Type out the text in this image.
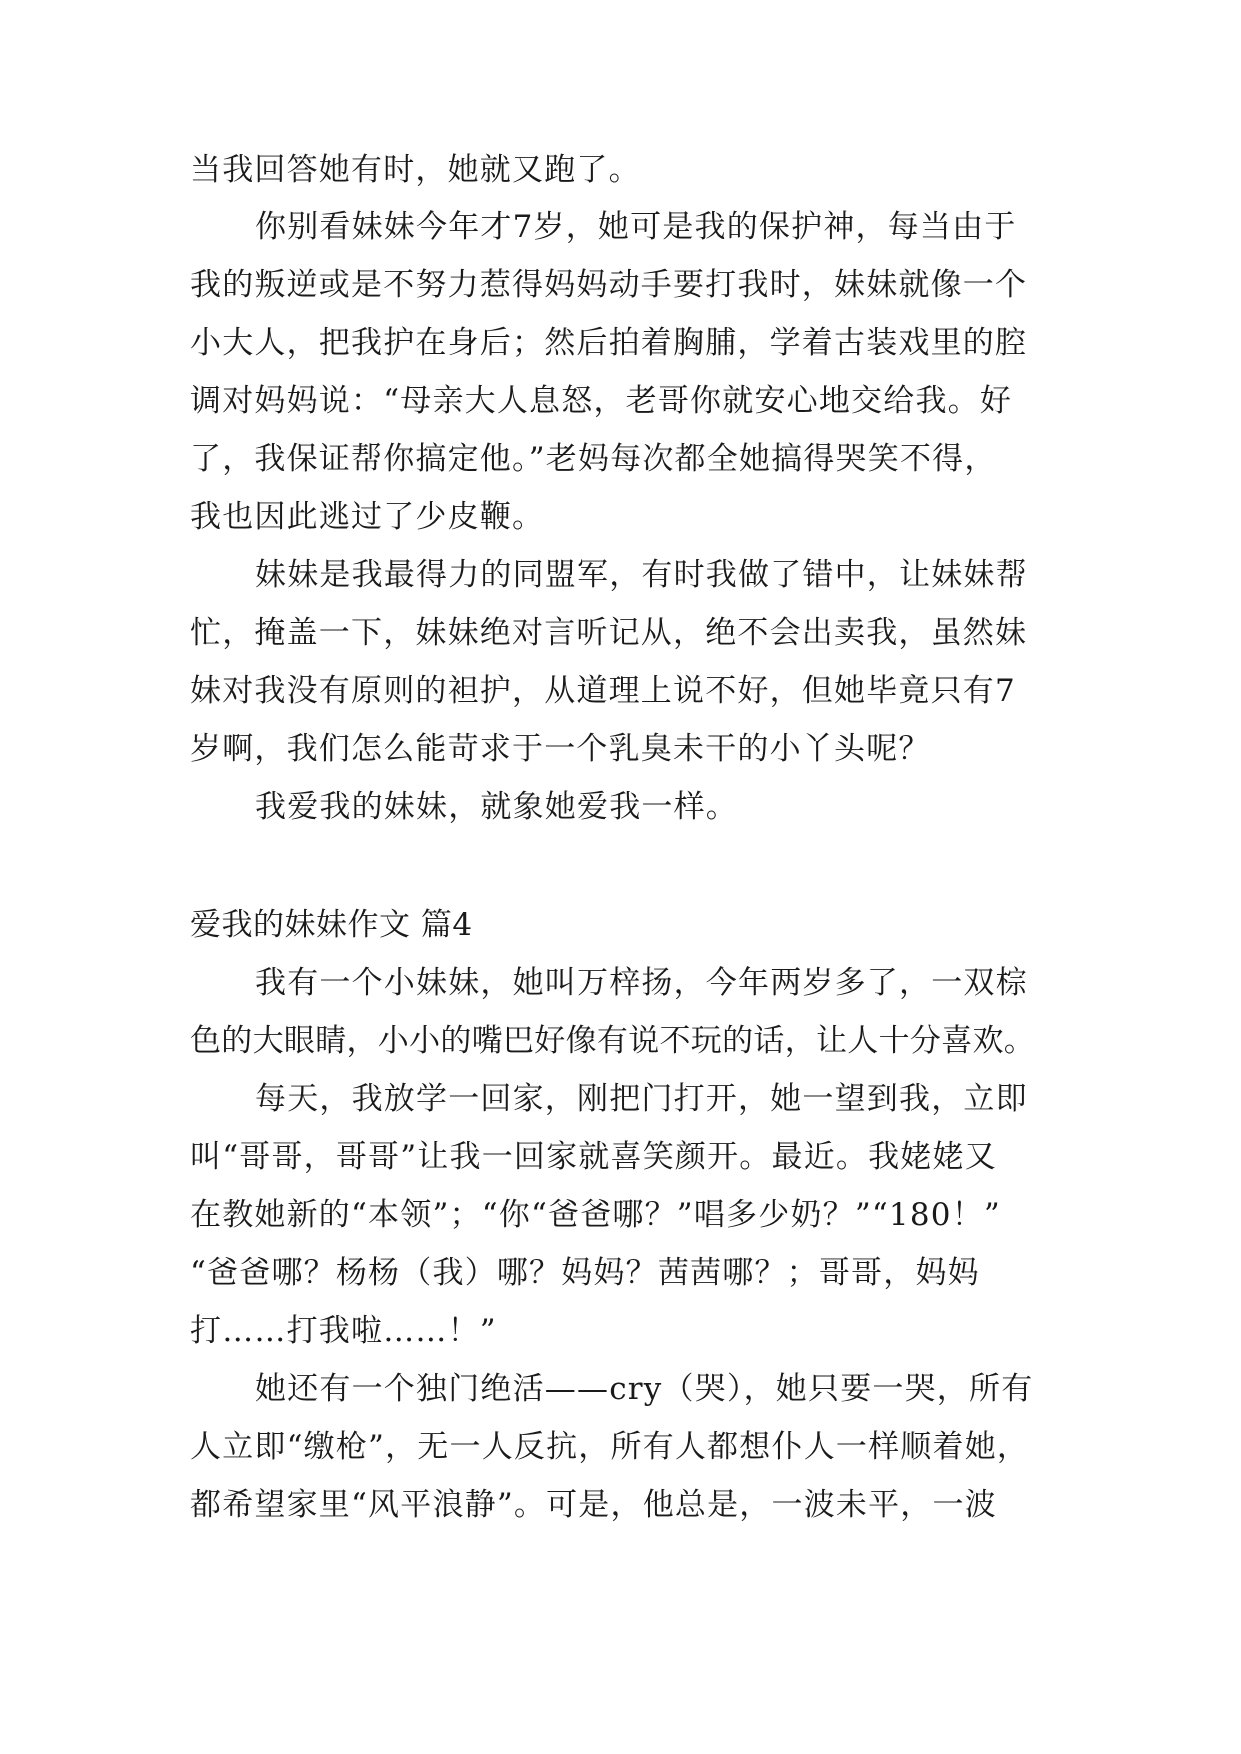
当我回答她有时，她就又跑了。
你别看妹妹今年才7岁，她可是我的保护神，每当由于
我的叛逆或是不努力惹得妈妈动手要打我时，妹妹就像一个
小大人，把我护在身后；然后拍着胸脯，学着古装戏里的腔
调对妈妈说：“母亲大人息怒，老哥你就安心地交给我。好
了，我保证帮你搞定他。”老妈每次都全她搞得哭笑不得，
我也因此逃过了少皮鞭。
妹妹是我最得力的同盟军，有时我做了错中，让妹妹帮
忙，掩盖一下，妹妹绝对言听记从，绝不会出卖我，虽然妹
妹对我没有原则的袒护，从道理上说不好，但她毕竟只有7
岁啊，我们怎么能苛求于一个乳臭未干的小丫头呢？
我爱我的妹妹，就象她爱我一样。
爱我的妹妹作文 篇4
我有一个小妹妹，她叫万梓扬，今年两岁多了，一双棕
色的大眼睛，小小的嘴巴好像有说不玩的话，让人十分喜欢。
每天，我放学一回家，刚把门打开，她一望到我，立即
叫“哥哥，哥哥”让我一回家就喜笑颜开。最近。我姥姥又
在教她新的“本领”；“你“爸爸哪？”唱多少奶？”“180！”
“爸爸哪？杨杨（我）哪？妈妈？茜茜哪？；哥哥，妈妈
打……打我啦……！”
她还有一个独门绝活——cry（哭），她只要一哭，所有
人立即“缴枪”，无一人反抗，所有人都想仆人一样顺着她，
都希望家里“风平浪静”。可是，他总是，一波未平，一波
